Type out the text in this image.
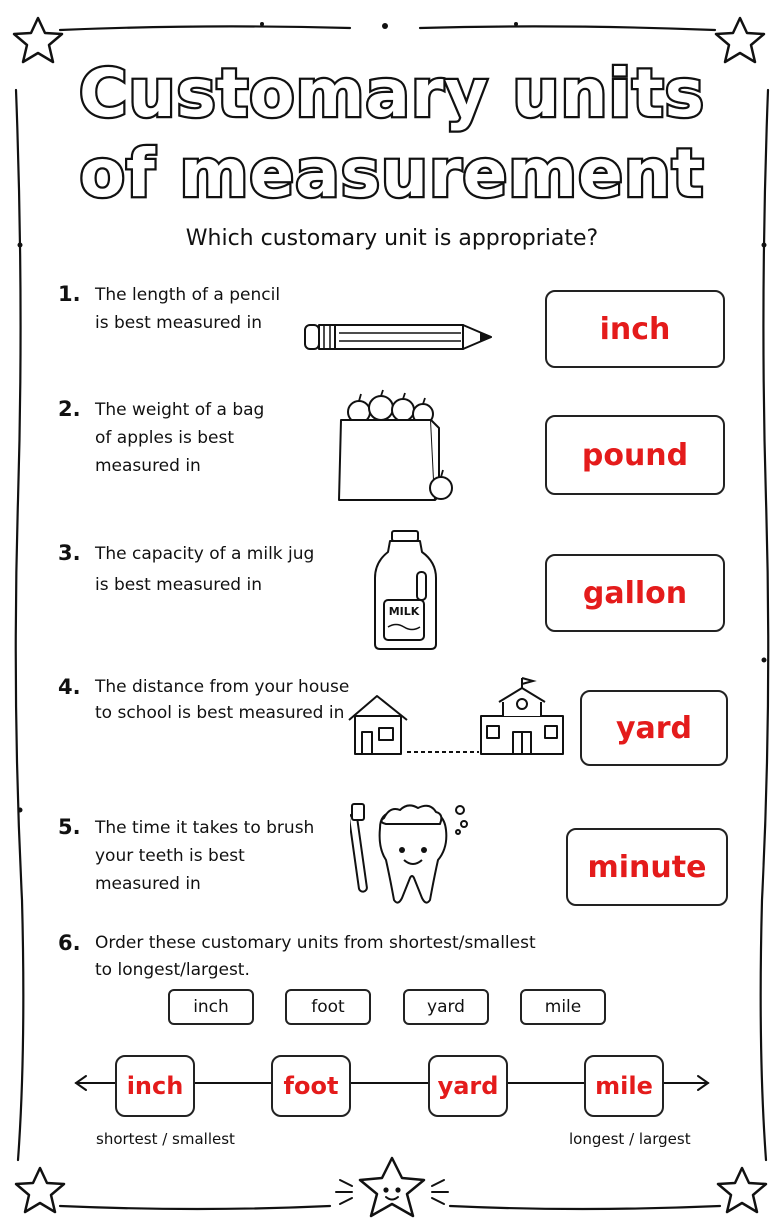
Customary units
of measurement
Which customary unit is appropriate?
1. The length of a pencil
is best measured in	inch
2. The weight of a bag
of apples is best
measured in	pound
3. The capacity of a milk jug
is best measured in
MILK
gallon
4. The distance from your house
to school is best measured in	yard
5. The time it takes to brush
your teeth is best
measured in	minute
6. Order these customary units from shortest/smallest
to longest/largest.
inch	foot	yard	mile
inch	foot	yard	mile
shortest / smallest	longest / largest
